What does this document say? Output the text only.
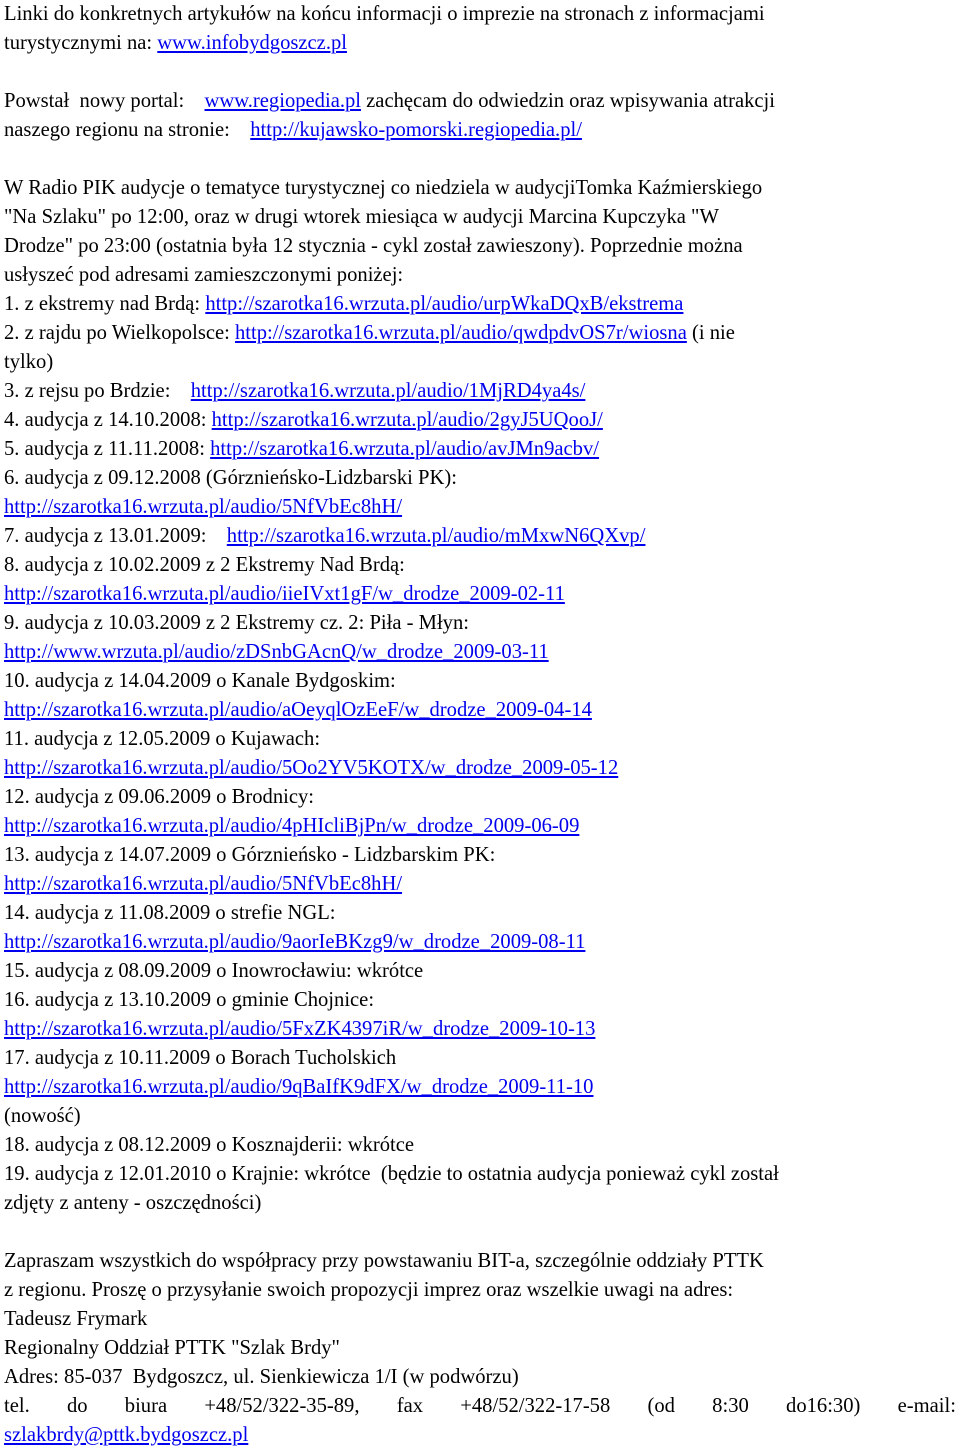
Linki do konkretnych artykułów na końcu informacji o imprezie na stronach z informacjami
turystycznymi na: www.infobydgoszcz.pl
Powstał  nowy portal: www.regiopedia.pl zachęcam do odwiedzin oraz wpisywania atrakcji
naszego regionu na stronie: http://kujawsko-pomorski.regiopedia.pl/
W Radio PIK audycje o tematyce turystycznej co niedziela w audycjiTomka Kaźmierskiego
"Na Szlaku" po 12:00, oraz w drugi wtorek miesiąca w audycji Marcina Kupczyka "W
Drodze" po 23:00 (ostatnia była 12 stycznia - cykl został zawieszony). Poprzednie można
usłyszeć pod adresami zamieszczonymi poniżej:
1. z ekstremy nad Brdą: http://szarotka16.wrzuta.pl/audio/urpWkaDQxB/ekstrema
2. z rajdu po Wielkopolsce: http://szarotka16.wrzuta.pl/audio/qwdpdvOS7r/wiosna (i nie
tylko)
3. z rejsu po Brdzie: http://szarotka16.wrzuta.pl/audio/1MjRD4ya4s/
4. audycja z 14.10.2008: http://szarotka16.wrzuta.pl/audio/2gyJ5UQooJ/
5. audycja z 11.11.2008: http://szarotka16.wrzuta.pl/audio/avJMn9acbv/
6. audycja z 09.12.2008 (Górznieńsko-Lidzbarski PK):
http://szarotka16.wrzuta.pl/audio/5NfVbEc8hH/
7. audycja z 13.01.2009: http://szarotka16.wrzuta.pl/audio/mMxwN6QXvp/
8. audycja z 10.02.2009 z 2 Ekstremy Nad Brdą:
http://szarotka16.wrzuta.pl/audio/iieIVxt1gF/w_drodze_2009-02-11
9. audycja z 10.03.2009 z 2 Ekstremy cz. 2: Piła - Młyn:
http://www.wrzuta.pl/audio/zDSnbGAcnQ/w_drodze_2009-03-11
10. audycja z 14.04.2009 o Kanale Bydgoskim:
http://szarotka16.wrzuta.pl/audio/aOeyqlOzEeF/w_drodze_2009-04-14
11. audycja z 12.05.2009 o Kujawach:
http://szarotka16.wrzuta.pl/audio/5Oo2YV5KOTX/w_drodze_2009-05-12
12. audycja z 09.06.2009 o Brodnicy:
http://szarotka16.wrzuta.pl/audio/4pHIcliBjPn/w_drodze_2009-06-09
13. audycja z 14.07.2009 o Górznieńsko - Lidzbarskim PK:
http://szarotka16.wrzuta.pl/audio/5NfVbEc8hH/
14. audycja z 11.08.2009 o strefie NGL:
http://szarotka16.wrzuta.pl/audio/9aorIeBKzg9/w_drodze_2009-08-11
15. audycja z 08.09.2009 o Inowrocławiu: wkrótce
16. audycja z 13.10.2009 o gminie Chojnice:
http://szarotka16.wrzuta.pl/audio/5FxZK4397iR/w_drodze_2009-10-13
17. audycja z 10.11.2009 o Borach Tucholskich
http://szarotka16.wrzuta.pl/audio/9qBaIfK9dFX/w_drodze_2009-11-10
(nowość)
18. audycja z 08.12.2009 o Kosznajderii: wkrótce
19. audycja z 12.01.2010 o Krajnie: wkrótce  (będzie to ostatnia audycja ponieważ cykl został
zdjęty z anteny - oszczędności)
Zapraszam wszystkich do współpracy przy powstawaniu BIT-a, szczególnie oddziały PTTK
z regionu. Proszę o przysyłanie swoich propozycji imprez oraz wszelkie uwagi na adres:
Tadeusz Frymark
Regionalny Oddział PTTK "Szlak Brdy"
Adres: 85-037  Bydgoszcz, ul. Sienkiewicza 1/I (w podwórzu)
tel. do biura +48/52/322-35-89, fax +48/52/322-17-58 (od 8:30 do16:30) e-mail:
szlakbrdy@pttk.bydgoszcz.pl
